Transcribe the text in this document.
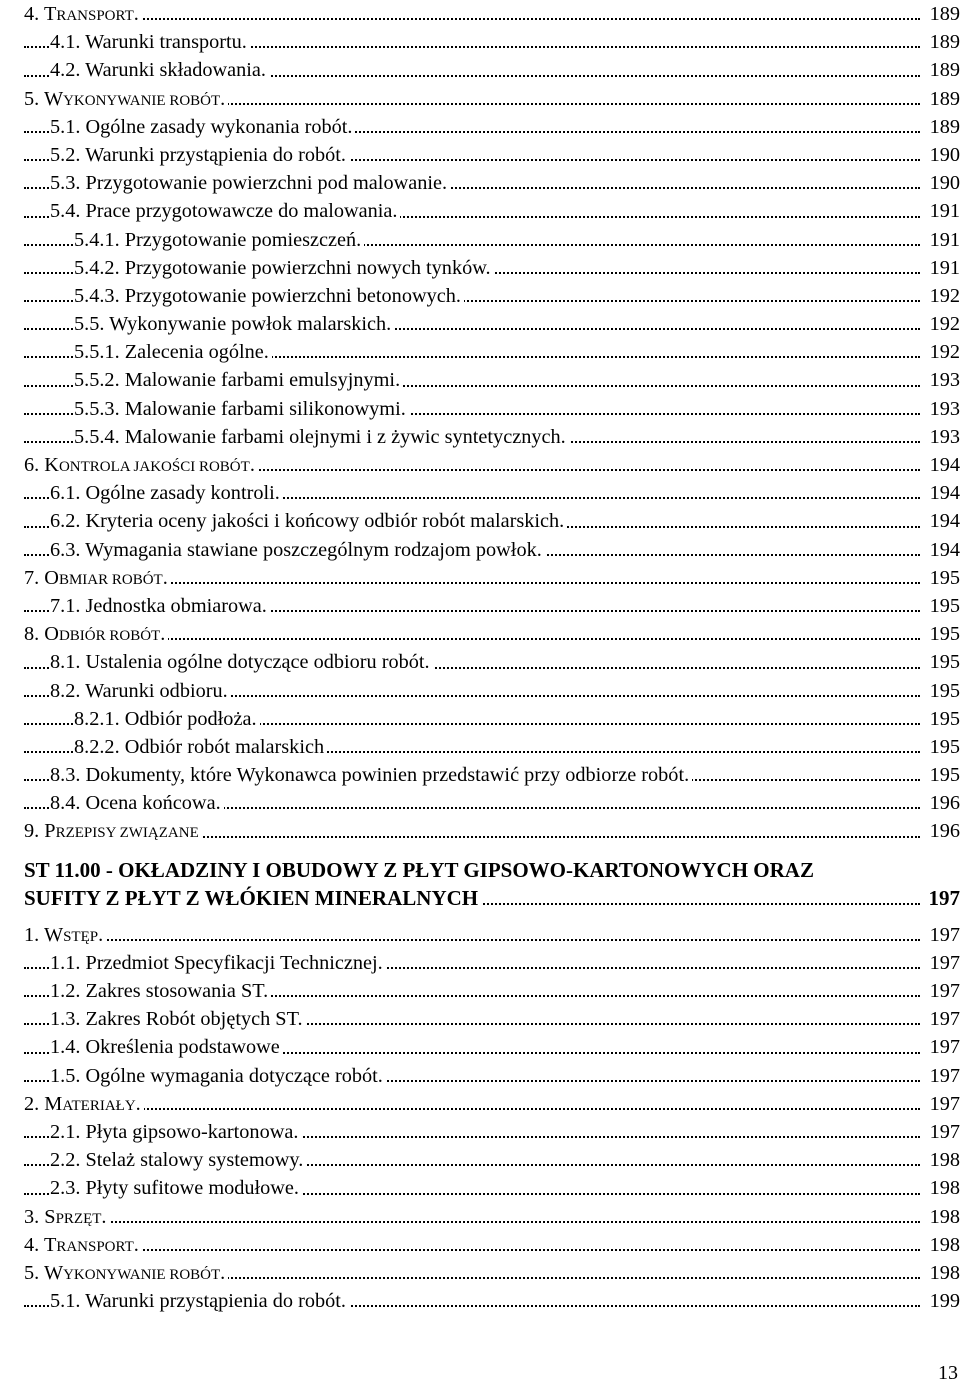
4. TRANSPORT.	189
4.1. Warunki transportu.	189
4.2. Warunki składowania.	189
5. WYKONYWANIE ROBÓT.	189
5.1. Ogólne zasady wykonania robót.	189
5.2. Warunki przystąpienia do robót.	190
5.3. Przygotowanie powierzchni pod malowanie.	190
5.4. Prace przygotowawcze do malowania.	191
5.4.1. Przygotowanie pomieszczeń.	191
5.4.2. Przygotowanie powierzchni nowych tynków.	191
5.4.3. Przygotowanie powierzchni betonowych.	192
5.5. Wykonywanie powłok malarskich.	192
5.5.1. Zalecenia ogólne.	192
5.5.2. Malowanie farbami emulsyjnymi.	193
5.5.3. Malowanie farbami silikonowymi.	193
5.5.4. Malowanie farbami olejnymi i z żywic syntetycznych.	193
6. KONTROLA JAKOŚCI ROBÓT.	194
6.1. Ogólne zasady kontroli.	194
6.2. Kryteria oceny jakości i końcowy odbiór robót malarskich.	194
6.3. Wymagania stawiane poszczególnym rodzajom powłok.	194
7. OBMIAR ROBÓT.	195
7.1. Jednostka obmiarowa.	195
8. ODBIÓR ROBÓT.	195
8.1. Ustalenia ogólne dotyczące odbioru robót.	195
8.2. Warunki odbioru.	195
8.2.1. Odbiór podłoża.	195
8.2.2. Odbiór robót malarskich	195
8.3. Dokumenty, które Wykonawca powinien przedstawić przy odbiorze robót.	195
8.4. Ocena końcowa.	196
9. PRZEPISY ZWIĄZANE	196
ST 11.00 - OKŁADZINY I OBUDOWY Z PŁYT GIPSOWO-KARTONOWYCH ORAZ
SUFITY Z PŁYT Z WŁÓKIEN MINERALNYCH	197
1. WSTĘP.	197
1.1. Przedmiot Specyfikacji Technicznej.	197
1.2. Zakres stosowania ST.	197
1.3. Zakres Robót objętych ST.	197
1.4. Określenia podstawowe	197
1.5. Ogólne wymagania dotyczące robót.	197
2. MATERIAŁY.	197
2.1. Płyta gipsowo-kartonowa.	197
2.2. Stelaż stalowy systemowy.	198
2.3. Płyty sufitowe modułowe.	198
3. SPRZĘT.	198
4. TRANSPORT.	198
5. WYKONYWANIE ROBÓT.	198
5.1. Warunki przystąpienia do robót.	199
13
